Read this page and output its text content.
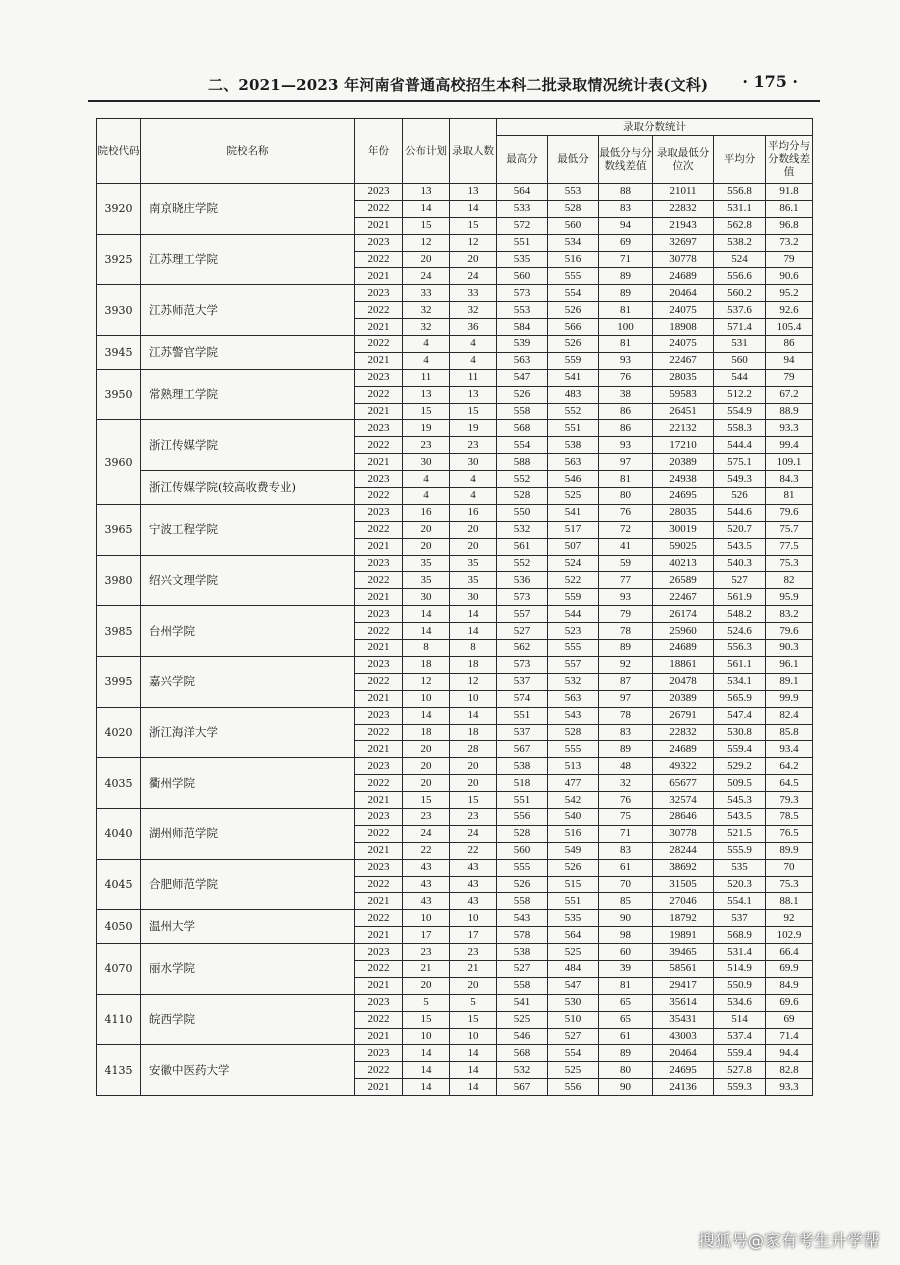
二、2021—2023 年河南省普通高校招生本科二批录取情况统计表(文科) · 175 ·
院校代码	院校名称	年份	公布计划	录取人数	录取分数统计					
					最高分	最低分	最低分与分数线差值	录取最低分位次	平均分	平均分与分数线差值
3920	南京晓庄学院	2023	13	13	564	553	88	21011	556.8	91.8
		2022	14	14	533	528	83	22832	531.1	86.1
		2021	15	15	572	560	94	21943	562.8	96.8
3925	江苏理工学院	2023	12	12	551	534	69	32697	538.2	73.2
		2022	20	20	535	516	71	30778	524	79
		2021	24	24	560	555	89	24689	556.6	90.6
3930	江苏师范大学	2023	33	33	573	554	89	20464	560.2	95.2
		2022	32	32	553	526	81	24075	537.6	92.6
		2021	32	36	584	566	100	18908	571.4	105.4
3945	江苏警官学院	2022	4	4	539	526	81	24075	531	86
		2021	4	4	563	559	93	22467	560	94
3950	常熟理工学院	2023	11	11	547	541	76	28035	544	79
		2022	13	13	526	483	38	59583	512.2	67.2
		2021	15	15	558	552	86	26451	554.9	88.9
3960	浙江传媒学院	2023	19	19	568	551	86	22132	558.3	93.3
		2022	23	23	554	538	93	17210	544.4	99.4
		2021	30	30	588	563	97	20389	575.1	109.1
	浙江传媒学院(较高收费专业)	2023	4	4	552	546	81	24938	549.3	84.3
		2022	4	4	528	525	80	24695	526	81
3965	宁波工程学院	2023	16	16	550	541	76	28035	544.6	79.6
		2022	20	20	532	517	72	30019	520.7	75.7
		2021	20	20	561	507	41	59025	543.5	77.5
3980	绍兴文理学院	2023	35	35	552	524	59	40213	540.3	75.3
		2022	35	35	536	522	77	26589	527	82
		2021	30	30	573	559	93	22467	561.9	95.9
3985	台州学院	2023	14	14	557	544	79	26174	548.2	83.2
		2022	14	14	527	523	78	25960	524.6	79.6
		2021	8	8	562	555	89	24689	556.3	90.3
3995	嘉兴学院	2023	18	18	573	557	92	18861	561.1	96.1
		2022	12	12	537	532	87	20478	534.1	89.1
		2021	10	10	574	563	97	20389	565.9	99.9
4020	浙江海洋大学	2023	14	14	551	543	78	26791	547.4	82.4
		2022	18	18	537	528	83	22832	530.8	85.8
		2021	20	28	567	555	89	24689	559.4	93.4
4035	衢州学院	2023	20	20	538	513	48	49322	529.2	64.2
		2022	20	20	518	477	32	65677	509.5	64.5
		2021	15	15	551	542	76	32574	545.3	79.3
4040	湖州师范学院	2023	23	23	556	540	75	28646	543.5	78.5
		2022	24	24	528	516	71	30778	521.5	76.5
		2021	22	22	560	549	83	28244	555.9	89.9
4045	合肥师范学院	2023	43	43	555	526	61	38692	535	70
		2022	43	43	526	515	70	31505	520.3	75.3
		2021	43	43	558	551	85	27046	554.1	88.1
4050	温州大学	2022	10	10	543	535	90	18792	537	92
		2021	17	17	578	564	98	19891	568.9	102.9
4070	丽水学院	2023	23	23	538	525	60	39465	531.4	66.4
		2022	21	21	527	484	39	58561	514.9	69.9
		2021	20	20	558	547	81	29417	550.9	84.9
4110	皖西学院	2023	5	5	541	530	65	35614	534.6	69.6
		2022	15	15	525	510	65	35431	514	69
		2021	10	10	546	527	61	43003	537.4	71.4
4135	安徽中医药大学	2023	14	14	568	554	89	20464	559.4	94.4
		2022	14	14	532	525	80	24695	527.8	82.8
		2021	14	14	567	556	90	24136	559.3	93.3
搜狐号@家有考生升学帮
